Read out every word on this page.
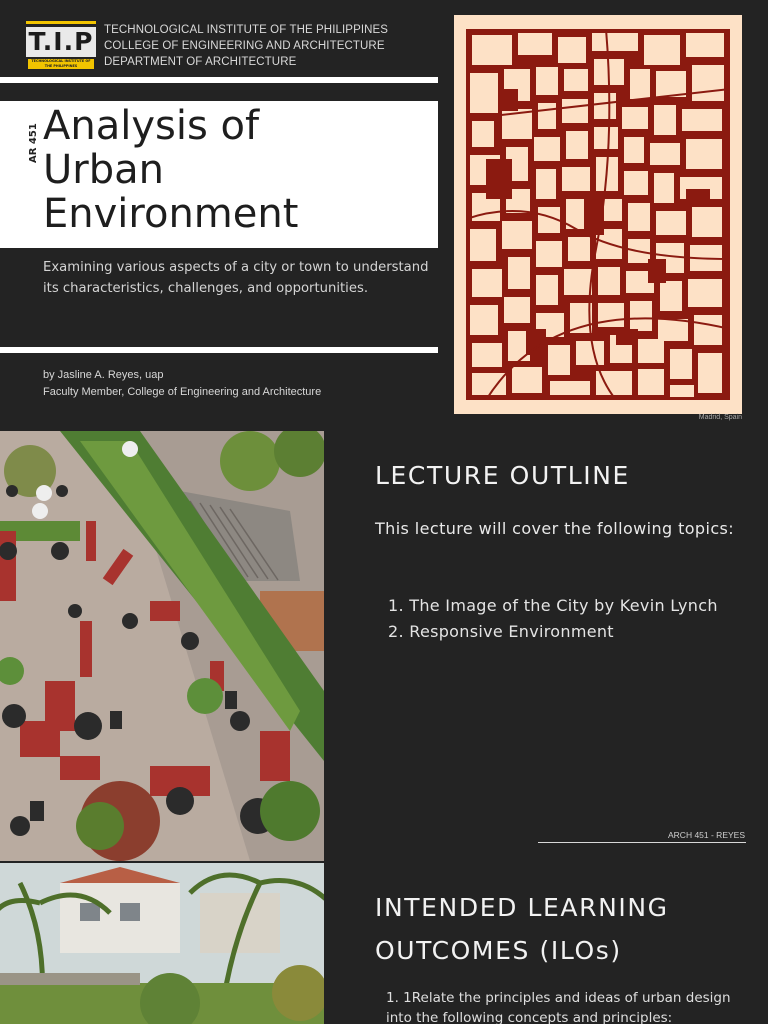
T.I.P
TECHNOLOGICAL INSTITUTE OF THE PHILIPPINES
TECHNOLOGICAL INSTITUTE OF THE PHILIPPINES
COLLEGE OF ENGINEERING AND ARCHITECTURE
DEPARTMENT OF ARCHITECTURE
AR 451 Analysis of
Urban
Environment
Examining various aspects of a city or town to understand its characteristics, challenges, and opportunities.
by Jasline A. Reyes, uap
Faculty Member, College of Engineering and Architecture
Madrid, Spain
LECTURE OUTLINE
This lecture will cover the following topics:
1. The Image of the City by Kevin Lynch
2. Responsive Environment
ARCH 451 - REYES
INTENDED LEARNING OUTCOMES (ILOs)
1. 1Relate the principles and ideas of urban design into the following concepts and principles:
